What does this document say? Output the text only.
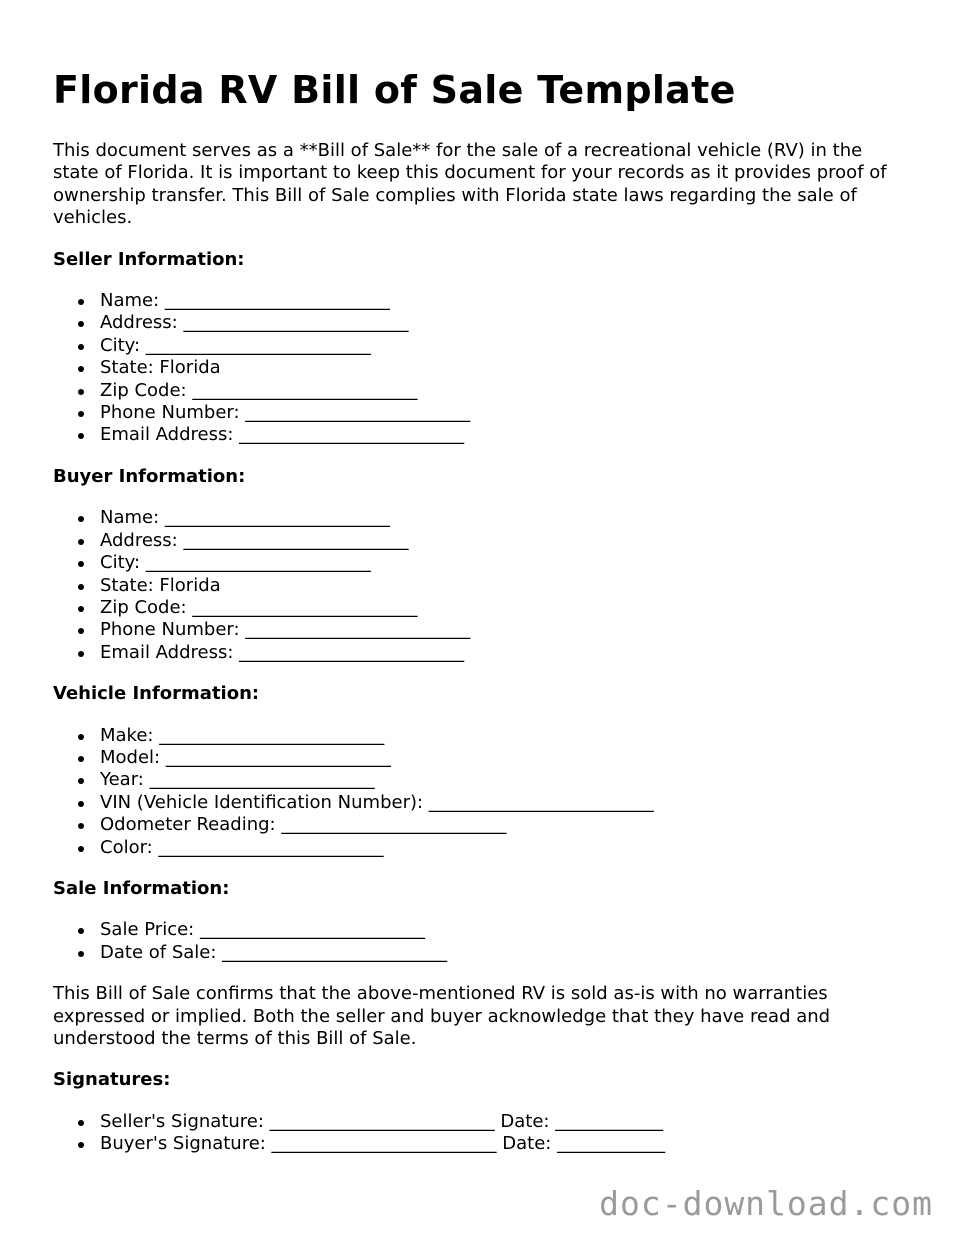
Florida RV Bill of Sale Template

This document serves as a **Bill of Sale** for the sale of a recreational vehicle (RV) in the state of Florida. It is important to keep this document for your records as it provides proof of ownership transfer. This Bill of Sale complies with Florida state laws regarding the sale of vehicles.

Seller Information:
Name: _________________________
Address: _________________________
City: _________________________
State: Florida
Zip Code: _________________________
Phone Number: _________________________
Email Address: _________________________
Buyer Information:
Name: _________________________
Address: _________________________
City: _________________________
State: Florida
Zip Code: _________________________
Phone Number: _________________________
Email Address: _________________________
Vehicle Information:
Make: _________________________
Model: _________________________
Year: _________________________
VIN (Vehicle Identification Number): _________________________
Odometer Reading: _________________________
Color: _________________________
Sale Information:
Sale Price: _________________________
Date of Sale: _________________________

This Bill of Sale confirms that the above-mentioned RV is sold as-is with no warranties expressed or implied. Both the seller and buyer acknowledge that they have read and understood the terms of this Bill of Sale.

Signatures:
Seller's Signature: _________________________ Date: ____________
Buyer's Signature: _________________________ Date: ____________
doc-download.com
